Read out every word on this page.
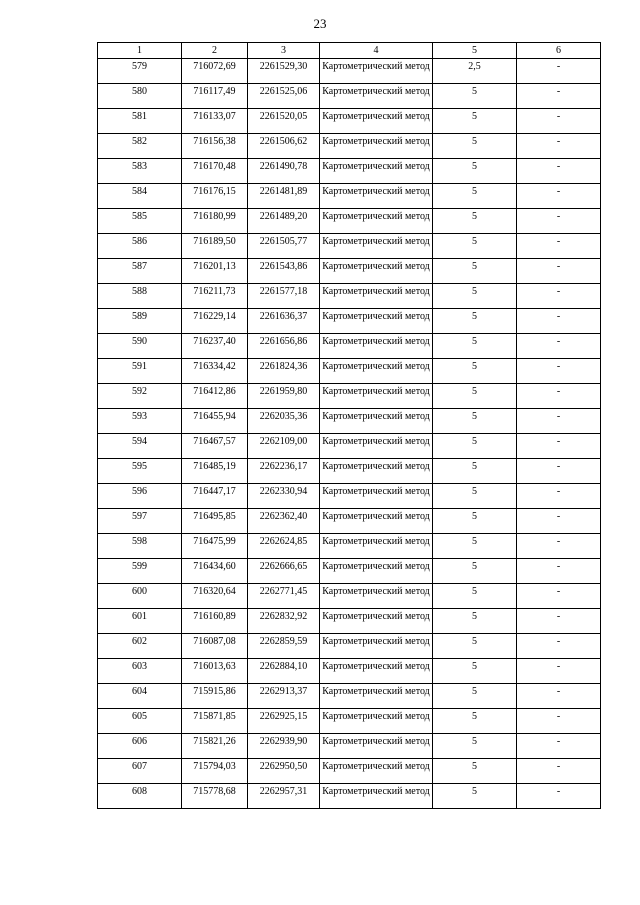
23
1	2	3	4	5	6
579	716072,69	2261529,30	Картометрический метод	2,5	-
580	716117,49	2261525,06	Картометрический метод	5	-
581	716133,07	2261520,05	Картометрический метод	5	-
582	716156,38	2261506,62	Картометрический метод	5	-
583	716170,48	2261490,78	Картометрический метод	5	-
584	716176,15	2261481,89	Картометрический метод	5	-
585	716180,99	2261489,20	Картометрический метод	5	-
586	716189,50	2261505,77	Картометрический метод	5	-
587	716201,13	2261543,86	Картометрический метод	5	-
588	716211,73	2261577,18	Картометрический метод	5	-
589	716229,14	2261636,37	Картометрический метод	5	-
590	716237,40	2261656,86	Картометрический метод	5	-
591	716334,42	2261824,36	Картометрический метод	5	-
592	716412,86	2261959,80	Картометрический метод	5	-
593	716455,94	2262035,36	Картометрический метод	5	-
594	716467,57	2262109,00	Картометрический метод	5	-
595	716485,19	2262236,17	Картометрический метод	5	-
596	716447,17	2262330,94	Картометрический метод	5	-
597	716495,85	2262362,40	Картометрический метод	5	-
598	716475,99	2262624,85	Картометрический метод	5	-
599	716434,60	2262666,65	Картометрический метод	5	-
600	716320,64	2262771,45	Картометрический метод	5	-
601	716160,89	2262832,92	Картометрический метод	5	-
602	716087,08	2262859,59	Картометрический метод	5	-
603	716013,63	2262884,10	Картометрический метод	5	-
604	715915,86	2262913,37	Картометрический метод	5	-
605	715871,85	2262925,15	Картометрический метод	5	-
606	715821,26	2262939,90	Картометрический метод	5	-
607	715794,03	2262950,50	Картометрический метод	5	-
608	715778,68	2262957,31	Картометрический метод	5	-
